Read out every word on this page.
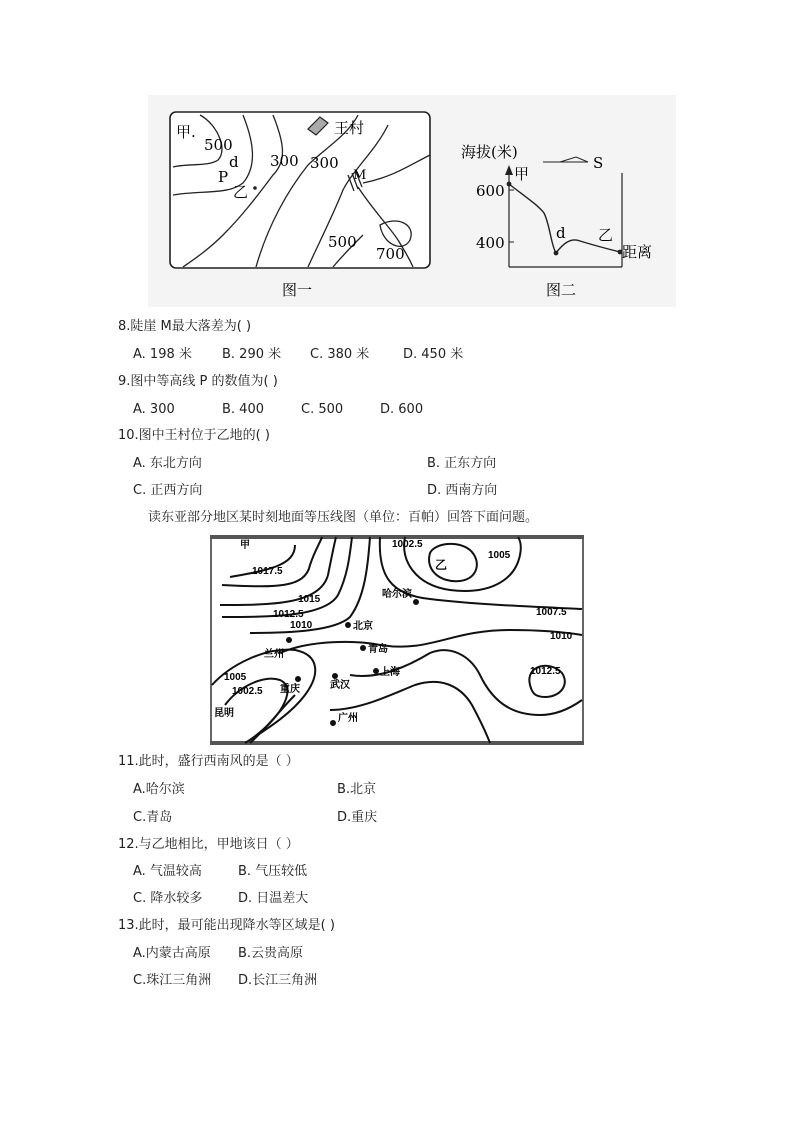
甲.
500
d
P
乙
300 300
王村
M
500
700
图一
海拔(米)
甲
S
600
400
d 乙
距离
图二
8.陡崖 M最大落差为( )
A. 198 米 B. 290 米 C. 380 米	D. 450 米
9.图中等高线 P 的数值为( )
A. 300	B. 400	C. 500	D. 600
10.图中王村位于乙地的( )
A. 东北方向	B. 正东方向
C. 正西方向	D. 西南方向
读东亚部分地区某时刻地面等压线图（单位：百帕）回答下面问题。
甲
乙
1002.5
1005
1017.5
1015
1012.5
1010
1007.5
1010
1012.5
1005
1002.5
哈尔滨
北京
兰州	青岛
上海
武汉
重庆
昆明	广州
11.此时，盛行西南风的是（ ）
A.哈尔滨	B.北京
C.青岛	D.重庆
12.与乙地相比，甲地该日（ ）
A. 气温较高	B. 气压较低
C. 降水较多	D. 日温差大
13.此时，最可能出现降水等区域是( )
A.内蒙古高原 B.云贵高原
C.珠江三角洲 D.长江三角洲
